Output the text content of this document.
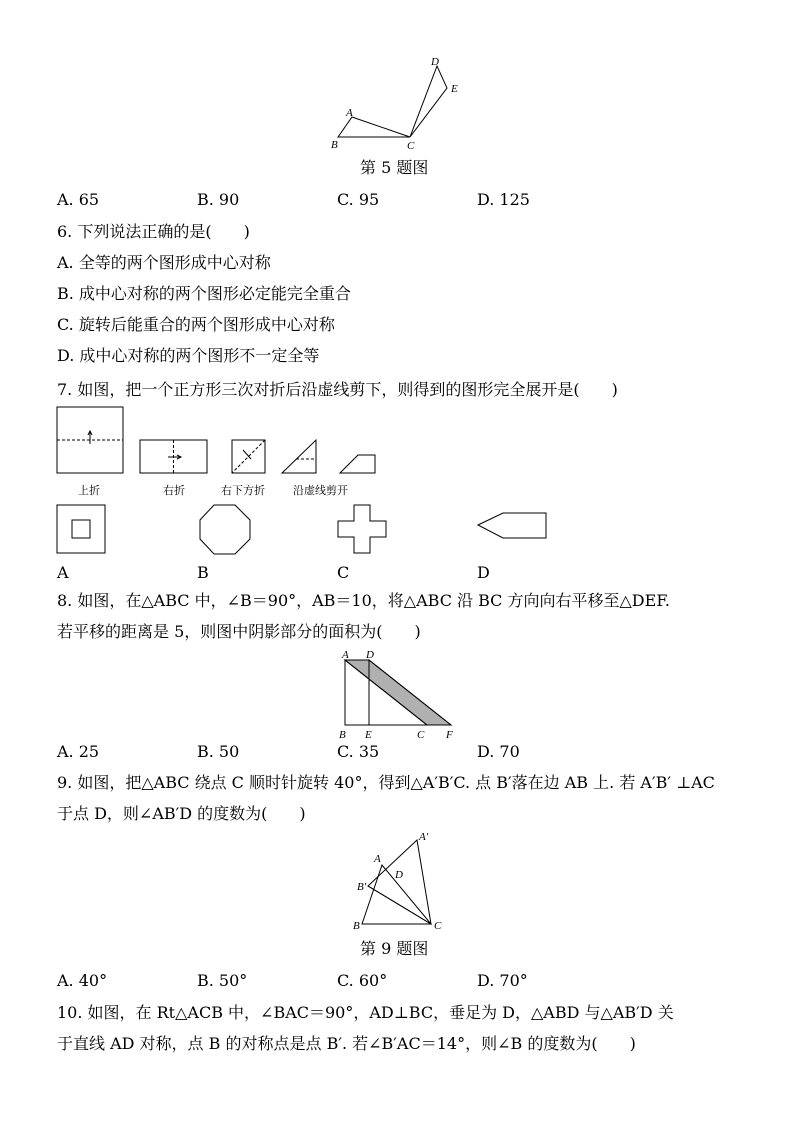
A
B	C
D
E
第 5 题图
A. 65	B. 90	C. 95	D. 125
6. 下列说法正确的是(　　)
A. 全等的两个图形成中心对称
B. 成中心对称的两个图形必定能完全重合
C. 旋转后能重合的两个图形成中心对称
D. 成中心对称的两个图形不一定全等
7. 如图，把一个正方形三次对折后沿虚线剪下，则得到的图形完全展开是(　　)
上折	右折	右下方折	沿虚线剪开
A	B	C	D
8. 如图，在△ABC 中，∠B＝90°，AB＝10，将△ABC 沿 BC 方向向右平移至△DEF.
若平移的距离是 5，则图中阴影部分的面积为(　　)
A D
B E	C F
A. 25	B. 50	C. 35	D. 70
9. 如图，把△ABC 绕点 C 顺时针旋转 40°，得到△A′B′C. 点 B′落在边 AB 上. 若 A′B′ ⊥AC
于点 D，则∠AB′D 的度数为(　　)
A′
A
B′
D
B	C
第 9 题图
A. 40°	B. 50°	C. 60°	D. 70°
10. 如图，在 Rt△ACB 中，∠BAC＝90°，AD⊥BC，垂足为 D，△ABD 与△AB′D 关
于直线 AD 对称，点 B 的对称点是点 B′. 若∠B′AC＝14°，则∠B 的度数为(　　)
